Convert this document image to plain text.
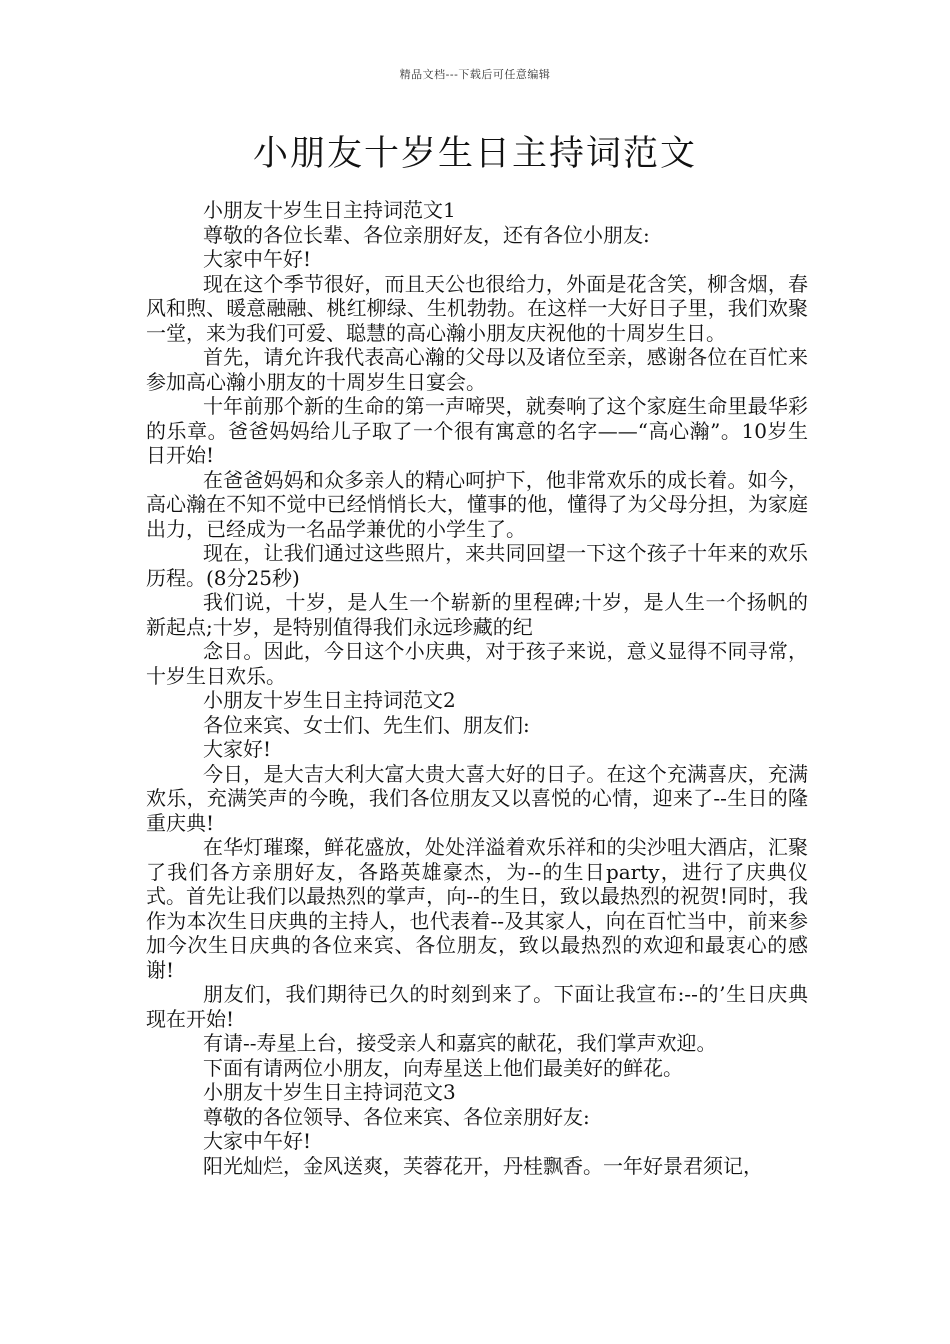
精品文档---下载后可任意编辑
小朋友十岁生日主持词范文

小朋友十岁生日主持词范文1

尊敬的各位长辈、各位亲朋好友，还有各位小朋友:

大家中午好!

现在这个季节很好，而且天公也很给力，外面是花含笑，柳含烟，春风和煦、暖意融融、桃红柳绿、生机勃勃。在这样一大好日子里，我们欢聚一堂，来为我们可爱、聪慧的高心瀚小朋友庆祝他的十周岁生日。

首先，请允许我代表高心瀚的父母以及诸位至亲，感谢各位在百忙来参加高心瀚小朋友的十周岁生日宴会。

十年前那个新的生命的第一声啼哭，就奏响了这个家庭生命里最华彩的乐章。爸爸妈妈给儿子取了一个很有寓意的名字——“高心瀚”。10岁生日开始!

在爸爸妈妈和众多亲人的精心呵护下，他非常欢乐的成长着。如今，高心瀚在不知不觉中已经悄悄长大，懂事的他，懂得了为父母分担，为家庭出力，已经成为一名品学兼优的小学生了。

现在，让我们通过这些照片，来共同回望一下这个孩子十年来的欢乐历程。(8分25秒)

我们说，十岁，是人生一个崭新的里程碑;十岁，是人生一个扬帆的新起点;十岁，是特别值得我们永远珍藏的纪

念日。因此，今日这个小庆典，对于孩子来说，意义显得不同寻常，十岁生日欢乐。

小朋友十岁生日主持词范文2

各位来宾、女士们、先生们、朋友们:

大家好!

今日，是大吉大利大富大贵大喜大好的日子。在这个充满喜庆，充满欢乐，充满笑声的今晚，我们各位朋友又以喜悦的心情，迎来了--生日的隆重庆典!

在华灯璀璨，鲜花盛放，处处洋溢着欢乐祥和的尖沙咀大酒店，汇聚了我们各方亲朋好友，各路英雄豪杰，为--的生日party，进行了庆典仪式。首先让我们以最热烈的掌声，向--的生日，致以最热烈的祝贺!同时，我作为本次生日庆典的主持人，也代表着--及其家人，向在百忙当中，前来参加今次生日庆典的各位来宾、各位朋友，致以最热烈的欢迎和最衷心的感谢!

朋友们，我们期待已久的时刻到来了。下面让我宣布:--的’生日庆典现在开始!

有请--寿星上台，接受亲人和嘉宾的献花，我们掌声欢迎。

下面有请两位小朋友，向寿星送上他们最美好的鲜花。

小朋友十岁生日主持词范文3

尊敬的各位领导、各位来宾、各位亲朋好友:

大家中午好!

阳光灿烂，金风送爽，芙蓉花开，丹桂飘香。一年好景君须记，
